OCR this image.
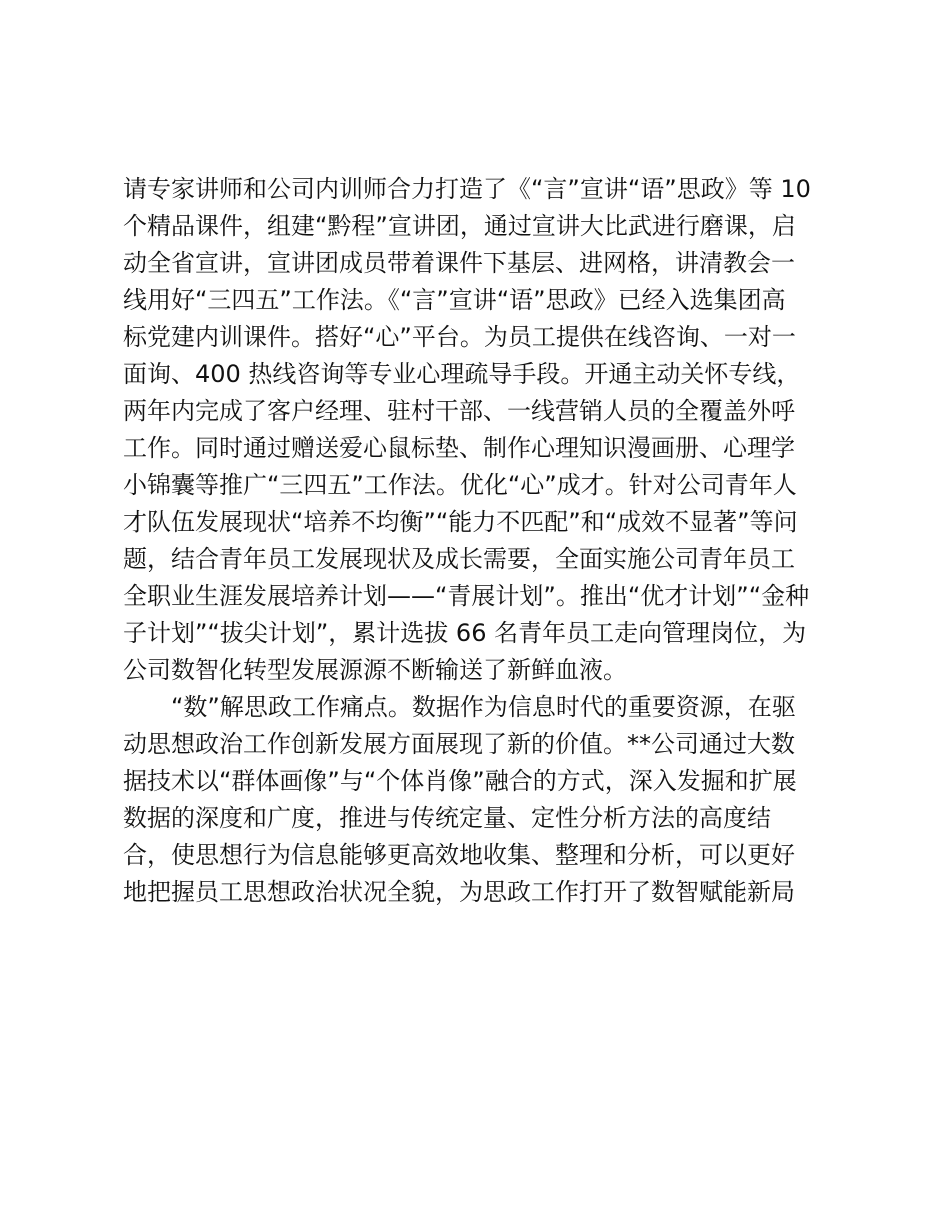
请专家讲师和公司内训师合力打造了《“言”宣讲“语”思政》等 10
个精品课件，组建“黔程”宣讲团，通过宣讲大比武进行磨课，启
动全省宣讲，宣讲团成员带着课件下基层、进网格，讲清教会一
线用好“三四五”工作法。《“言”宣讲“语”思政》已经入选集团高
标党建内训课件。搭好“心”平台。为员工提供在线咨询、一对一
面询、400 热线咨询等专业心理疏导手段。开通主动关怀专线，
两年内完成了客户经理、驻村干部、一线营销人员的全覆盖外呼
工作。同时通过赠送爱心鼠标垫、制作心理知识漫画册、心理学
小锦囊等推广“三四五”工作法。优化“心”成才。针对公司青年人
才队伍发展现状“培养不均衡”“能力不匹配”和“成效不显著”等问
题，结合青年员工发展现状及成长需要，全面实施公司青年员工
全职业生涯发展培养计划——“青展计划”。推出“优才计划”“金种
子计划”“拔尖计划”，累计选拔 66 名青年员工走向管理岗位，为
公司数智化转型发展源源不断输送了新鲜血液。
“数”解思政工作痛点。数据作为信息时代的重要资源，在驱
动思想政治工作创新发展方面展现了新的价值。**公司通过大数
据技术以“群体画像”与“个体肖像”融合的方式，深入发掘和扩展
数据的深度和广度，推进与传统定量、定性分析方法的高度结
合，使思想行为信息能够更高效地收集、整理和分析，可以更好
地把握员工思想政治状况全貌，为思政工作打开了数智赋能新局
